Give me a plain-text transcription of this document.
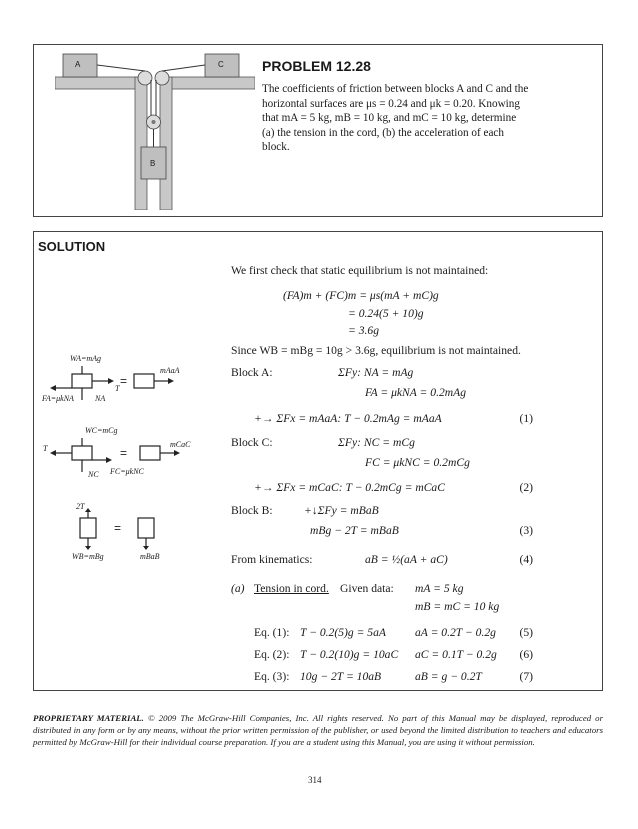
A	C
B
PROBLEM 12.28
The coefficients of friction between blocks A and C and the
horizontal surfaces are μs = 0.24 and μk = 0.20. Knowing
that mA = 5 kg, mB = 10 kg, and mC = 10 kg, determine
(a) the tension in the cord, (b) the acceleration of each
block.
SOLUTION
We first check that static equilibrium is not maintained:
(FA)m + (FC)m = μs(mA + mC)g
= 0.24(5 + 10)g
= 3.6g
Since WB = mBg = 10g > 3.6g, equilibrium is not maintained.
Block A:	ΣFy: NA = mAg
FA = μkNA = 0.2mAg
+→ ΣFx = mAaA: T − 0.2mAg = mAaA	(1)
Block C:	ΣFy: NC = mCg
FC = μkNC = 0.2mCg
+→ ΣFx = mCaC: T − 0.2mCg = mCaC	(2)
Block B:	+↓ΣFy = mBaB
mBg − 2T = mBaB	(3)
From kinematics:	aB = ½(aA + aC)	(4)
(a) Tension in cord. Given data: mA = 5 kg
mB = mC = 10 kg
Eq. (1): T − 0.2(5)g = 5aA	aA = 0.2T − 0.2g	(5)
Eq. (2): T − 0.2(10)g = 10aC aC = 0.1T − 0.2g	(6)
Eq. (3): 10g − 2T = 10aB	aB = g − 0.2T	(7)
=
WA=mAg
T
FA=μkNA	NA
mAaA
=
WC=mCg
T
FC=μkNC
NC
mCaC
=
2T
WB=mBg	mBaB
PROPRIETARY MATERIAL. © 2009 The McGraw-Hill Companies, Inc. All rights reserved. No part of this Manual may be displayed, reproduced or distributed in any form or by any means, without the prior written permission of the publisher, or used beyond the limited distribution to teachers and educators permitted by McGraw-Hill for their individual course preparation. If you are a student using this Manual, you are using it without permission.
314
